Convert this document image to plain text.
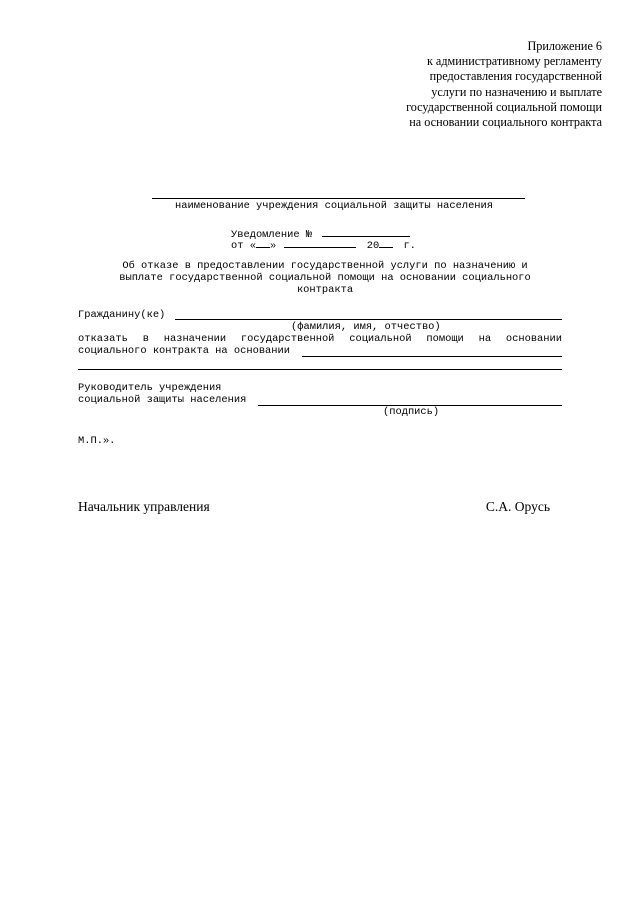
Приложение 6
к административному регламенту
предоставления государственной
услуги по назначению и выплате
государственной социальной помощи
на основании социального контракта
наименование учреждения социальной защиты населения
Уведомление №
от « »	20 г.
Об отказе в предоставлении государственной услуги по назначению и
выплате государственной социальной помощи на основании социального
контракта
Гражданину(ке)
(фамилия, имя, отчество)
отказать в назначении государственной социальной помощи на основании
социального контракта на основании
Руководитель учреждения
социальной защиты населения
(подпись)
М.П.».
Начальник управления	С.А. Орусь
